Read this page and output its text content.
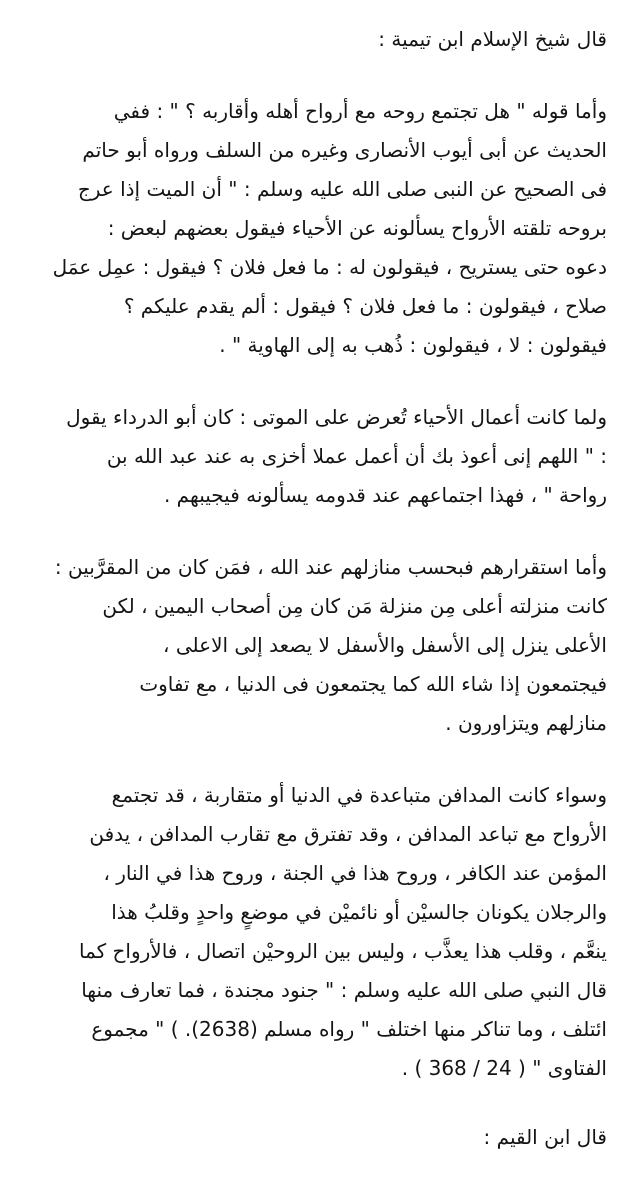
قال شيخ الإسلام ابن تيمية :
وأما قوله " هل تجتمع روحه مع أرواح أهله وأقاربه ؟ " : ففي
الحديث عن أبى أيوب الأنصارى وغيره من السلف ورواه أبو حاتم
فى الصحيح عن النبى صلى الله عليه وسلم : " أن الميت إذا عرج
بروحه تلقته الأرواح يسألونه عن الأحياء فيقول بعضهم لبعض :
دعوه حتى يستريح ، فيقولون له : ما فعل فلان ؟ فيقول : عمِل عمَل
صلاح ، فيقولون : ما فعل فلان ؟ فيقول : ألم يقدم عليكم ؟
فيقولون : لا ، فيقولون : ذُهب به إلى الهاوية " .
ولما كانت أعمال الأحياء تُعرض على الموتى : كان أبو الدرداء يقول
: " اللهم إنى أعوذ بك أن أعمل عملا أخزى به عند عبد الله بن
رواحة " ، فهذا اجتماعهم عند قدومه يسألونه فيجيبهم .
وأما استقرارهم فبحسب منازلهم عند الله ، فمَن كان من المقرَّبين :
كانت منزلته أعلى مِن منزلة مَن كان مِن أصحاب اليمين ، لكن
الأعلى ينزل إلى الأسفل والأسفل لا يصعد إلى الاعلى ،
فيجتمعون إذا شاء الله كما يجتمعون فى الدنيا ، مع تفاوت
منازلهم ويتزاورون .
وسواء كانت المدافن متباعدة في الدنيا أو متقاربة ، قد تجتمع
الأرواح مع تباعد المدافن ، وقد تفترق مع تقارب المدافن ، يدفن
المؤمن عند الكافر ، وروح هذا في الجنة ، وروح هذا في النار ،
والرجلان يكونان جالسيْن أو نائميْن في موضعٍ واحدٍ وقلبُ هذا
ينعَّم ، وقلب هذا يعذَّب ، وليس بين الروحيْن اتصال ، فالأرواح كما
قال النبي صلى الله عليه وسلم : " جنود مجندة ، فما تعارف منها
ائتلف ، وما تناكر منها اختلف " رواه مسلم (2638). ) " مجموع
الفتاوى " ( 24 / 368 ) .
قال ابن القيم :
